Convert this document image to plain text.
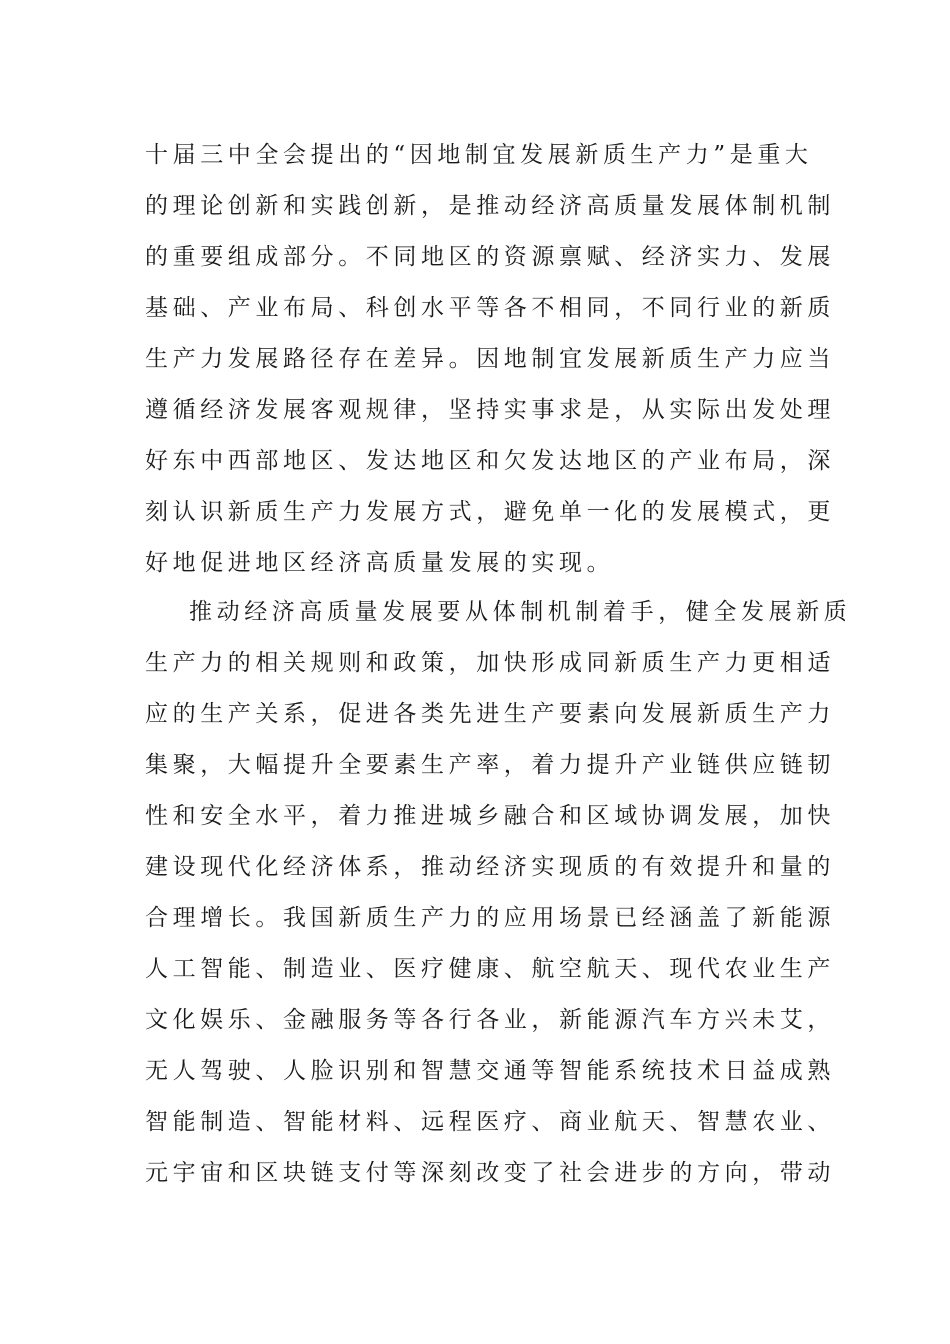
十届三中全会提出的“因地制宜发展新质生产力”是重大
的理论创新和实践创新，是推动经济高质量发展体制机制
的重要组成部分。不同地区的资源禀赋、经济实力、发展
基础、产业布局、科创水平等各不相同，不同行业的新质
生产力发展路径存在差异。因地制宜发展新质生产力应当
遵循经济发展客观规律，坚持实事求是，从实际出发处理
好东中西部地区、发达地区和欠发达地区的产业布局，深
刻认识新质生产力发展方式，避免单一化的发展模式，更
好地促进地区经济高质量发展的实现。
推动经济高质量发展要从体制机制着手，健全发展新质
生产力的相关规则和政策，加快形成同新质生产力更相适
应的生产关系，促进各类先进生产要素向发展新质生产力
集聚，大幅提升全要素生产率，着力提升产业链供应链韧
性和安全水平，着力推进城乡融合和区域协调发展，加快
建设现代化经济体系，推动经济实现质的有效提升和量的
合理增长。我国新质生产力的应用场景已经涵盖了新能源
人工智能、制造业、医疗健康、航空航天、现代农业生产
文化娱乐、金融服务等各行各业，新能源汽车方兴未艾，
无人驾驶、人脸识别和智慧交通等智能系统技术日益成熟
智能制造、智能材料、远程医疗、商业航天、智慧农业、
元宇宙和区块链支付等深刻改变了社会进步的方向，带动
